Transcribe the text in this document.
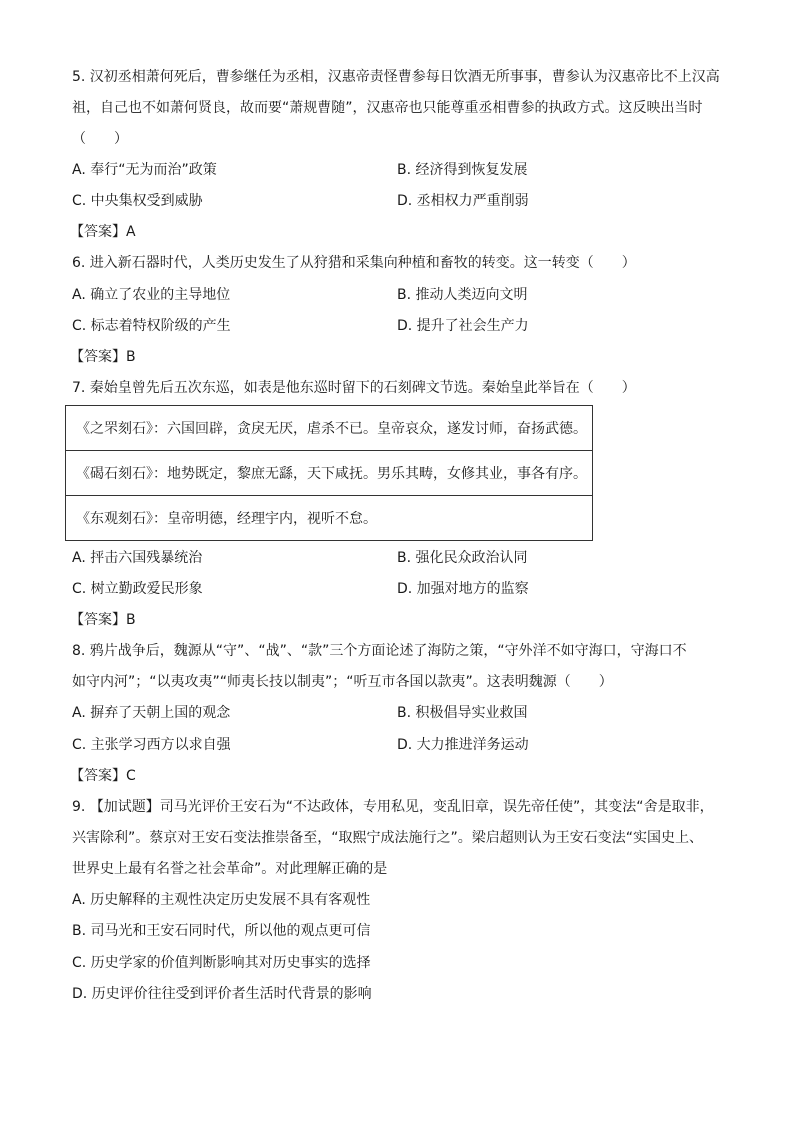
5. 汉初丞相萧何死后，曹参继任为丞相，汉惠帝责怪曹参每日饮酒无所事事，曹参认为汉惠帝比不上汉高
祖，自己也不如萧何贤良，故而要“萧规曹随”，汉惠帝也只能尊重丞相曹参的执政方式。这反映出当时
（　　）
A. 奉行“无为而治”政策	B. 经济得到恢复发展
C. 中央集权受到威胁	D. 丞相权力严重削弱
【答案】A
6. 进入新石器时代，人类历史发生了从狩猎和采集向种植和畜牧的转变。这一转变（　　）
A. 确立了农业的主导地位	B. 推动人类迈向文明
C. 标志着特权阶级的产生	D. 提升了社会生产力
【答案】B
7. 秦始皇曾先后五次东巡，如表是他东巡时留下的石刻碑文节选。秦始皇此举旨在（　　）
《之罘刻石》：六国回辟，贪戾无厌，虐杀不已。皇帝哀众，遂发讨师，奋扬武德。
《碣石刻石》：地势既定，黎庶无繇，天下咸抚。男乐其畴，女修其业，事各有序。
《东观刻石》：皇帝明德，经理宇内，视听不怠。
A. 抨击六国残暴统治	B. 强化民众政治认同
C. 树立勤政爱民形象	D. 加强对地方的监察
【答案】B
8. 鸦片战争后，魏源从“守”、“战”、“款”三个方面论述了海防之策，“守外洋不如守海口，守海口不
如守内河”；“以夷攻夷”“师夷长技以制夷”；“听互市各国以款夷”。这表明魏源（　　）
A. 摒弃了天朝上国的观念	B. 积极倡导实业救国
C. 主张学习西方以求自强	D. 大力推进洋务运动
【答案】C
9. 【加试题】司马光评价王安石为“不达政体，专用私见，变乱旧章，误先帝任使”，其变法“舍是取非，
兴害除利”。蔡京对王安石变法推崇备至，“取熙宁成法施行之”。梁启超则认为王安石变法“实国史上、
世界史上最有名誉之社会革命”。对此理解正确的是
A. 历史解释的主观性决定历史发展不具有客观性
B. 司马光和王安石同时代，所以他的观点更可信
C. 历史学家的价值判断影响其对历史事实的选择
D. 历史评价往往受到评价者生活时代背景的影响
